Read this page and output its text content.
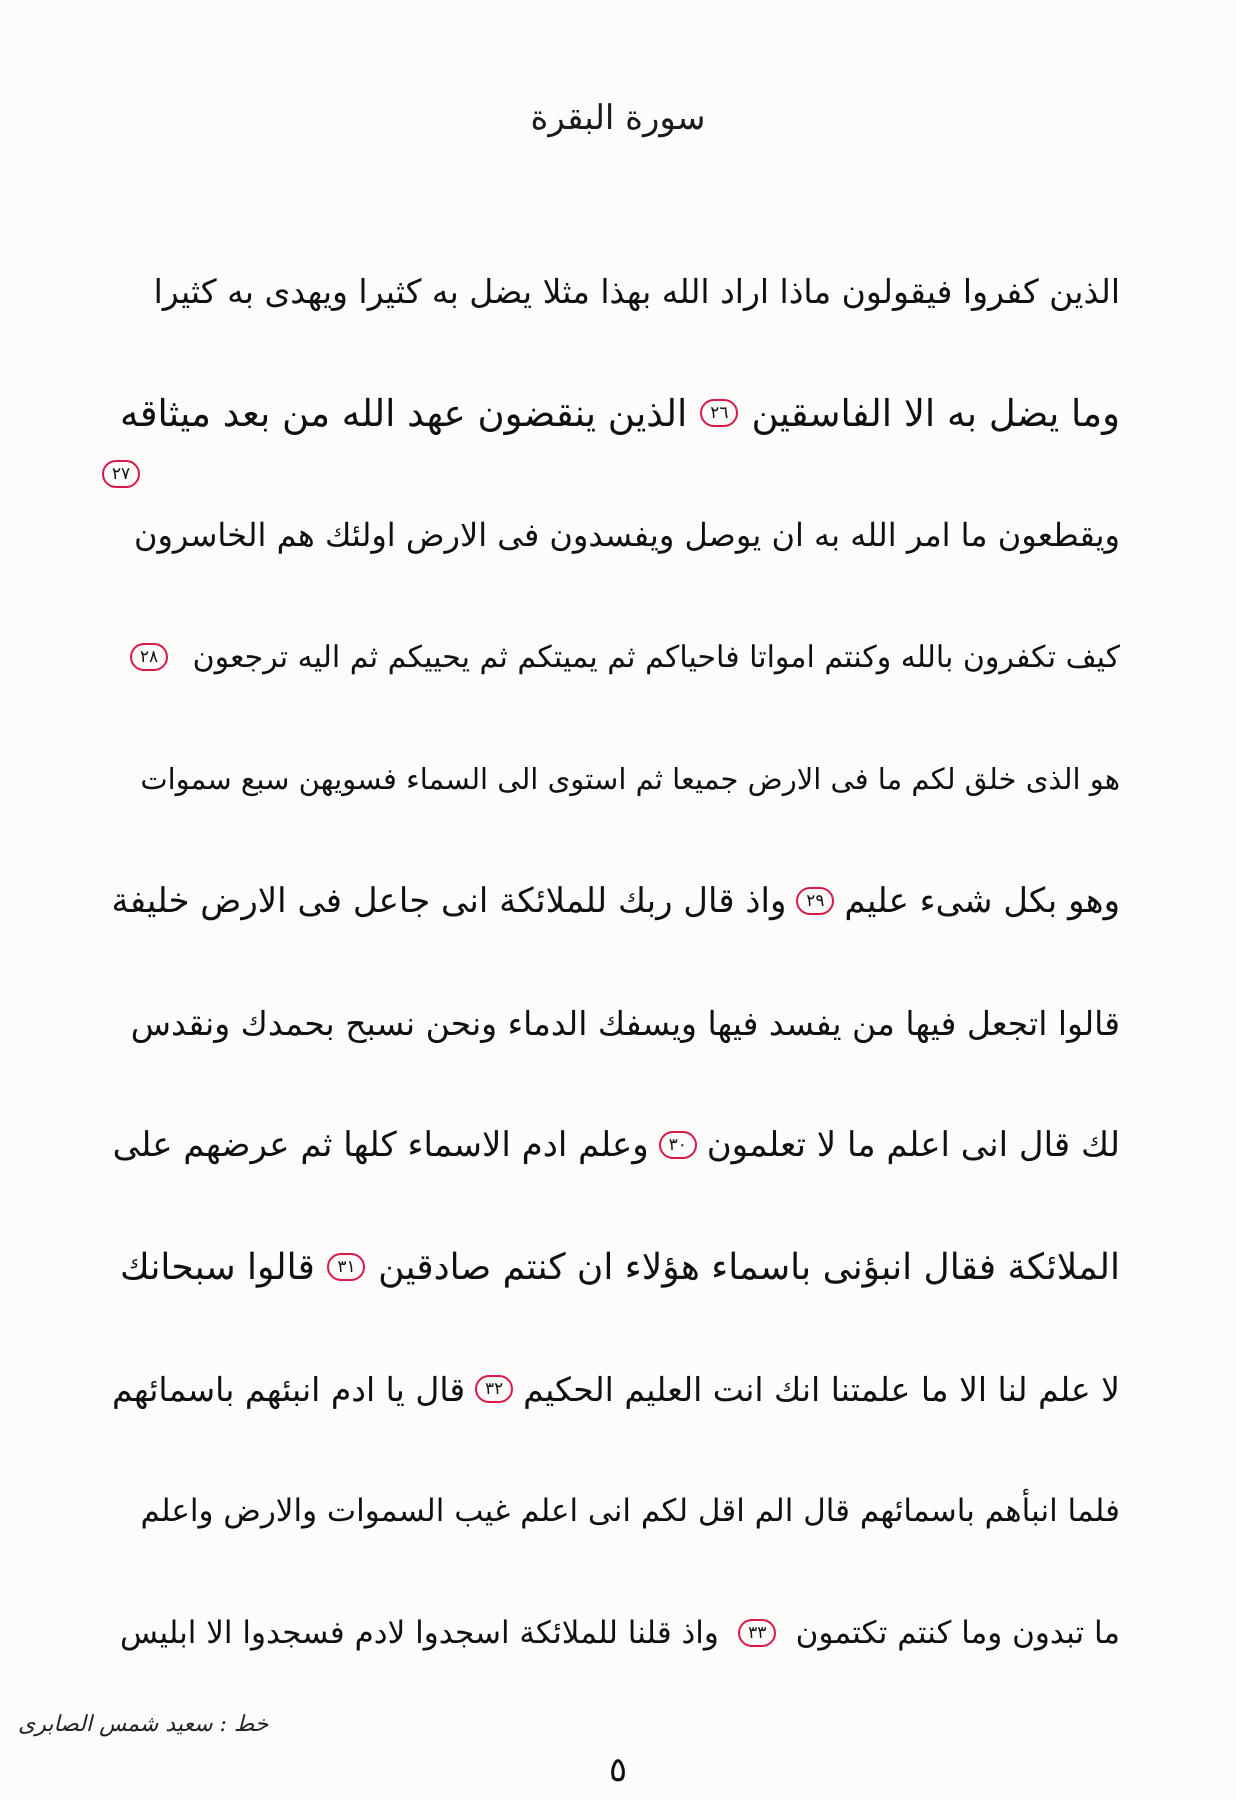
سورة البقرة
الذين كفروا فيقولون ماذا اراد الله بهذا مثلا يضل به كثيرا ويهدى به كثيرا
وما يضل به الا الفاسقين
٢٦
الذين ينقضون عهد الله من بعد ميثاقه
٢٧
ويقطعون ما امر الله به ان يوصل ويفسدون فى الارض اولئك هم الخاسرون
كيف تكفرون بالله وكنتم امواتا فاحياكم ثم يميتكم ثم يحييكم ثم اليه ترجعون
٢٨
هو الذى خلق لكم ما فى الارض جميعا ثم استوى الى السماء فسويهن سبع سموات
وهو بكل شىء عليم
٢٩
واذ قال ربك للملائكة انى جاعل فى الارض خليفة
قالوا اتجعل فيها من يفسد فيها ويسفك الدماء ونحن نسبح بحمدك ونقدس
لك قال انى اعلم ما لا تعلمون
٣٠
وعلم ادم الاسماء كلها ثم عرضهم على
الملائكة فقال انبؤنى باسماء هؤلاء ان كنتم صادقين
٣١
قالوا سبحانك
لا علم لنا الا ما علمتنا انك انت العليم الحكيم
٣٢
قال يا ادم انبئهم باسمائهم
فلما انبأهم باسمائهم قال الم اقل لكم انى اعلم غيب السموات والارض واعلم
ما تبدون وما كنتم تكتمون
٣٣
واذ قلنا للملائكة اسجدوا لادم فسجدوا الا ابليس
خط : سعيد شمس الصابرى
٥
